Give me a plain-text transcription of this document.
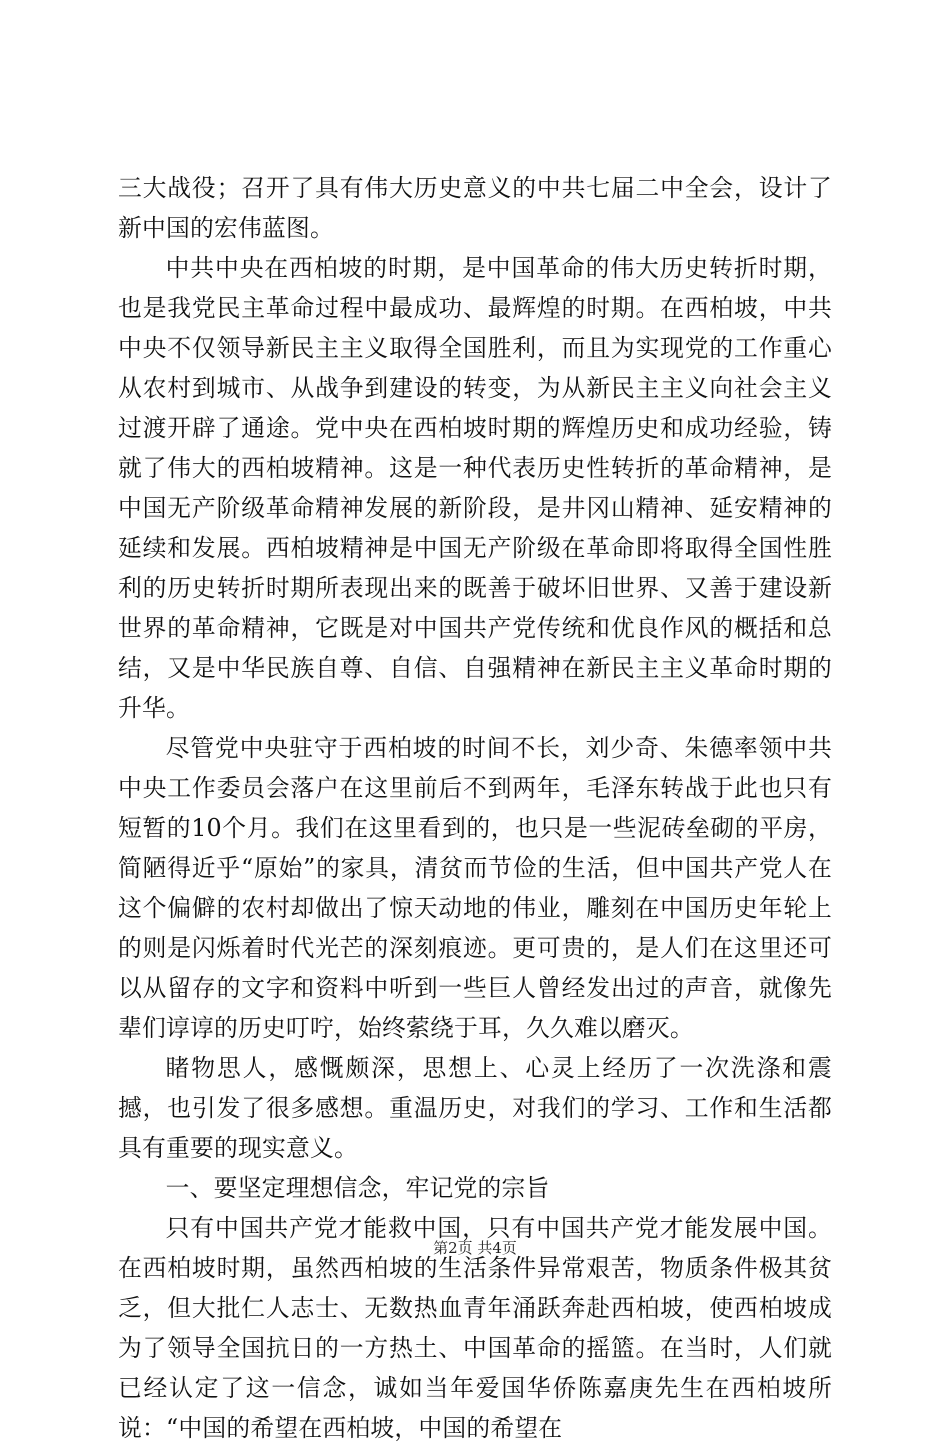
三大战役；召开了具有伟大历史意义的中共七届二中全会，设计了新中国的宏伟蓝图。

中共中央在西柏坡的时期，是中国革命的伟大历史转折时期，也是我党民主革命过程中最成功、最辉煌的时期。在西柏坡，中共中央不仅领导新民主主义取得全国胜利，而且为实现党的工作重心从农村到城市、从战争到建设的转变，为从新民主主义向社会主义过渡开辟了通途。党中央在西柏坡时期的辉煌历史和成功经验，铸就了伟大的西柏坡精神。这是一种代表历史性转折的革命精神，是中国无产阶级革命精神发展的新阶段，是井冈山精神、延安精神的延续和发展。西柏坡精神是中国无产阶级在革命即将取得全国性胜利的历史转折时期所表现出来的既善于破坏旧世界、又善于建设新世界的革命精神，它既是对中国共产党传统和优良作风的概括和总结，又是中华民族自尊、自信、自强精神在新民主主义革命时期的升华。

尽管党中央驻守于西柏坡的时间不长，刘少奇、朱德率领中共中央工作委员会落户在这里前后不到两年，毛泽东转战于此也只有短暂的10个月。我们在这里看到的，也只是一些泥砖垒砌的平房，简陋得近乎“原始”的家具，清贫而节俭的生活，但中国共产党人在这个偏僻的农村却做出了惊天动地的伟业，雕刻在中国历史年轮上的则是闪烁着时代光芒的深刻痕迹。更可贵的，是人们在这里还可以从留存的文字和资料中听到一些巨人曾经发出过的声音，就像先辈们谆谆的历史叮咛，始终萦绕于耳，久久难以磨灭。

睹物思人，感慨颇深，思想上、心灵上经历了一次洗涤和震撼，也引发了很多感想。重温历史，对我们的学习、工作和生活都具有重要的现实意义。

一、要坚定理想信念，牢记党的宗旨

只有中国共产党才能救中国，只有中国共产党才能发展中国。在西柏坡时期，虽然西柏坡的生活条件异常艰苦，物质条件极其贫乏，但大批仁人志士、无数热血青年涌跃奔赴西柏坡，使西柏坡成为了领导全国抗日的一方热土、中国革命的摇篮。在当时，人们就已经认定了这一信念，诚如当年爱国华侨陈嘉庚先生在西柏坡所说：“中国的希望在西柏坡，中国的希望在

第2页 共4页
